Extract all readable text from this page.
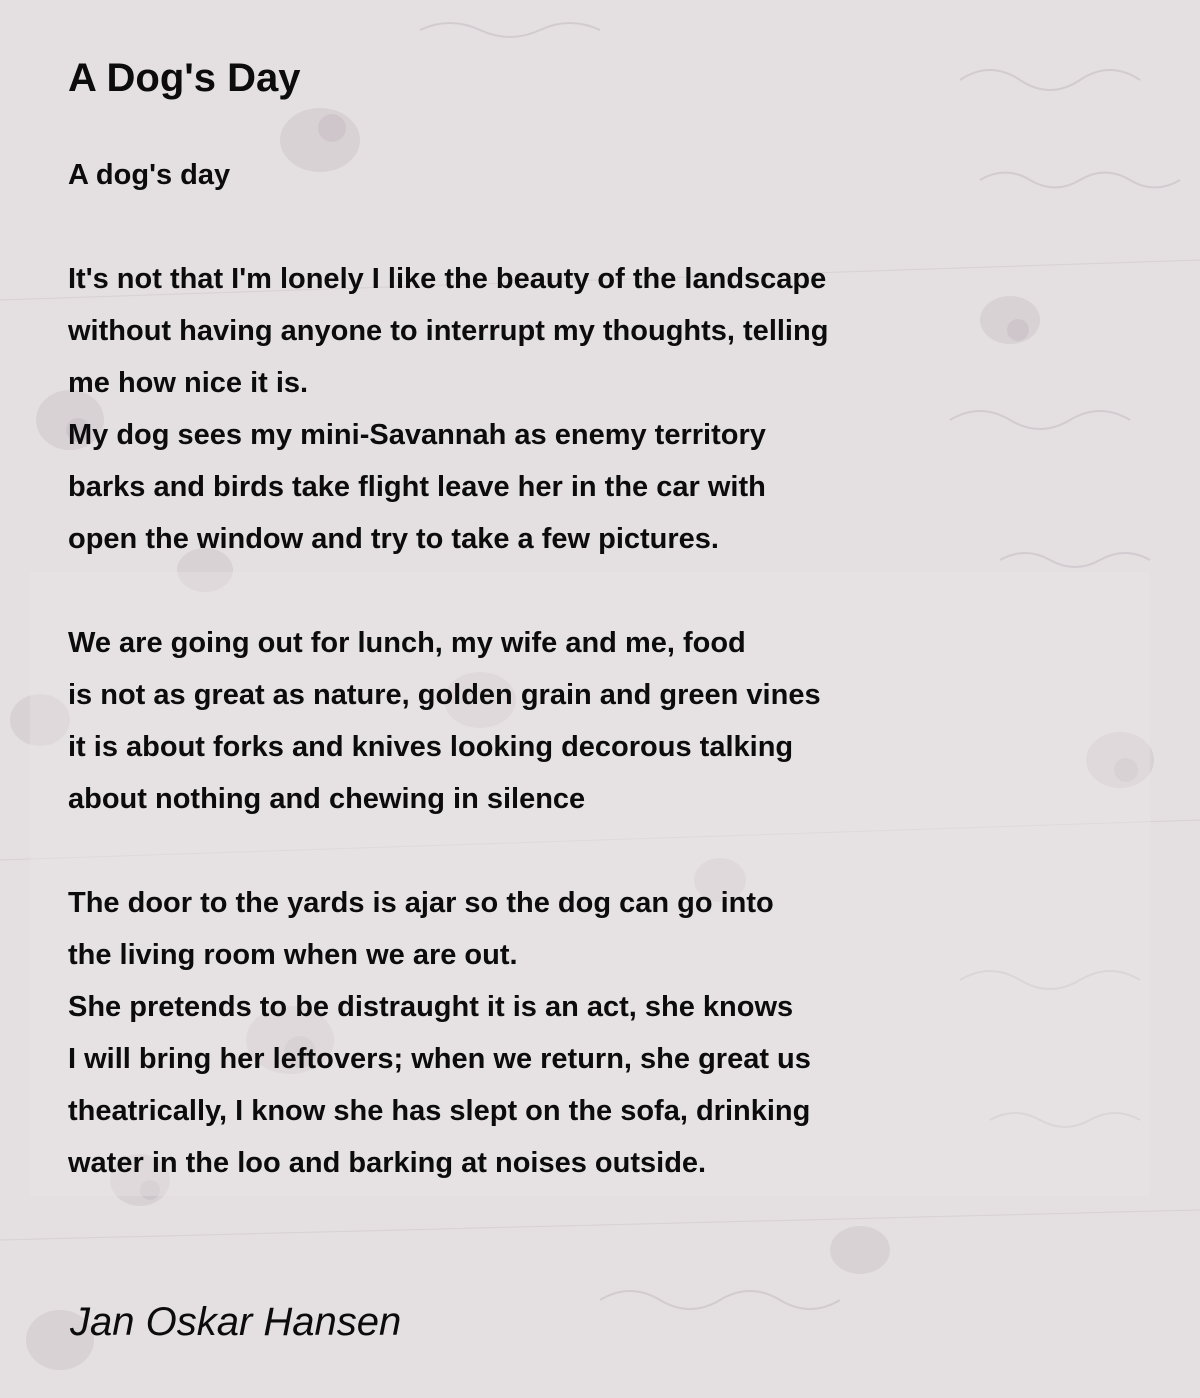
A Dog's Day
A dog's day
It's not that I'm lonely I like the beauty of the landscape
without having anyone to interrupt my thoughts, telling
me how nice it is.
My dog sees my mini-Savannah as enemy territory
barks and birds take flight leave her in the car with
open the window and try to take a few pictures.
We are going out for lunch, my wife and me, food
is not as great as nature, golden grain and green vines
it is about forks and knives looking decorous talking
about nothing and chewing in silence
The door to the yards is ajar so the dog can go into
the living room when we are out.
She pretends to be distraught it is an act, she knows
I will bring her leftovers; when we return, she great us
theatrically, I know she has slept on the sofa, drinking
water in the loo and barking at noises outside.

Jan Oskar Hansen
